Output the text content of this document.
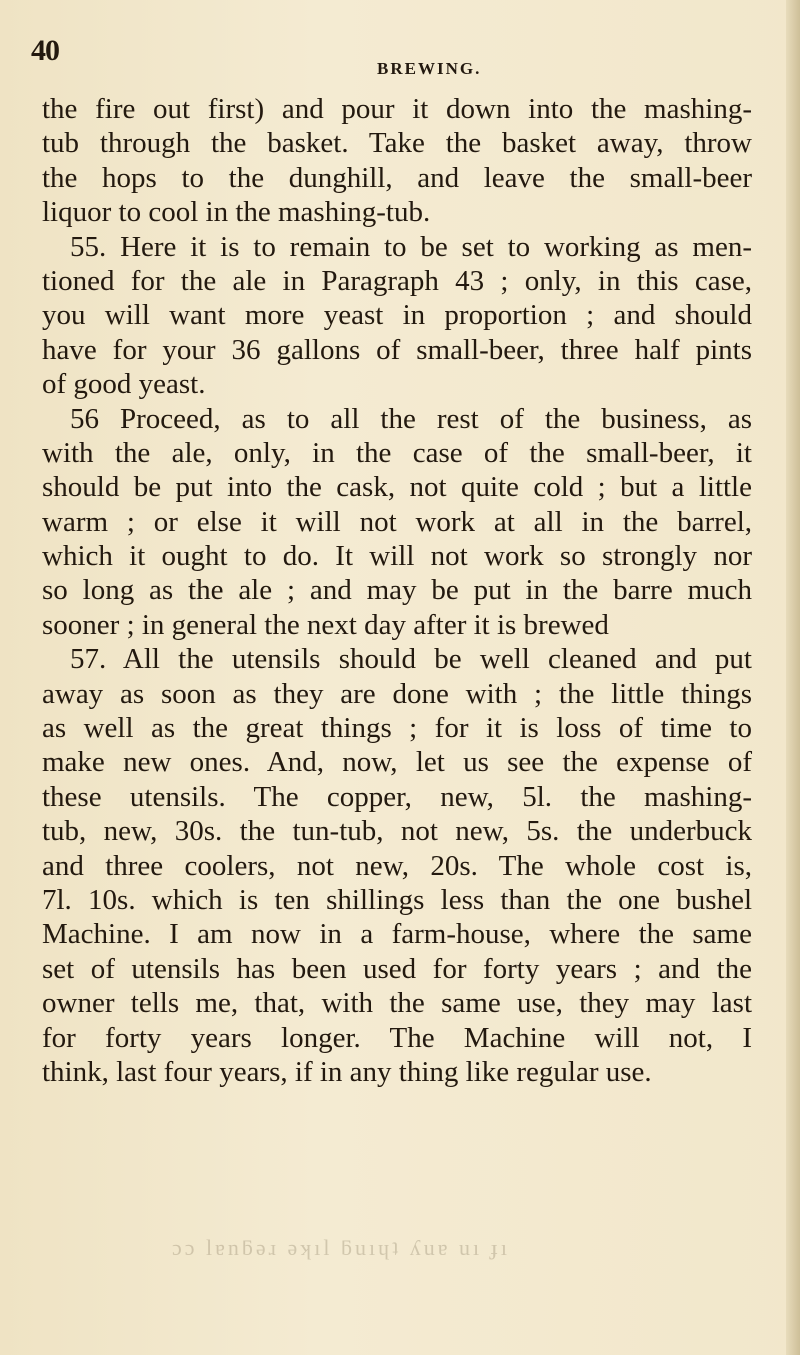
40
BREWING.
the fire out first) and pour it down into the mashing-
tub through the basket. Take the basket away, throw
the hops to the dunghill, and leave the small-beer
liquor to cool in the mashing-tub.
55. Here it is to remain to be set to working as men-
tioned for the ale in Paragraph 43 ; only, in this case,
you will want more yeast in proportion ; and should
have for your 36 gallons of small-beer, three half pints
of good yeast.
56 Proceed, as to all the rest of the business, as
with the ale, only, in the case of the small-beer, it
should be put into the cask, not quite cold ; but a little
warm ; or else it will not work at all in the barrel,
which it ought to do. It will not work so strongly nor
so long as the ale ; and may be put in the barre much
sooner ; in general the next day after it is brewed
57. All the utensils should be well cleaned and put
away as soon as they are done with ; the little things
as well as the great things ; for it is loss of time to
make new ones. And, now, let us see the expense of
these utensils. The copper, new, 5l. the mashing-
tub, new, 30s. the tun-tub, not new, 5s. the underbuck
and three coolers, not new, 20s. The whole cost is,
7l. 10s. which is ten shillings less than the one bushel
Machine. I am now in a farm-house, where the same
set of utensils has been used for forty years ; and the
owner tells me, that, with the same use, they may last
for forty years longer. The Machine will not, I
think, last four years, if in any thing like regular use.
ɔɔ lɐnƃǝɹ ǝʞıl ƃuıɥʇ ʎuɐ uı ɟı
